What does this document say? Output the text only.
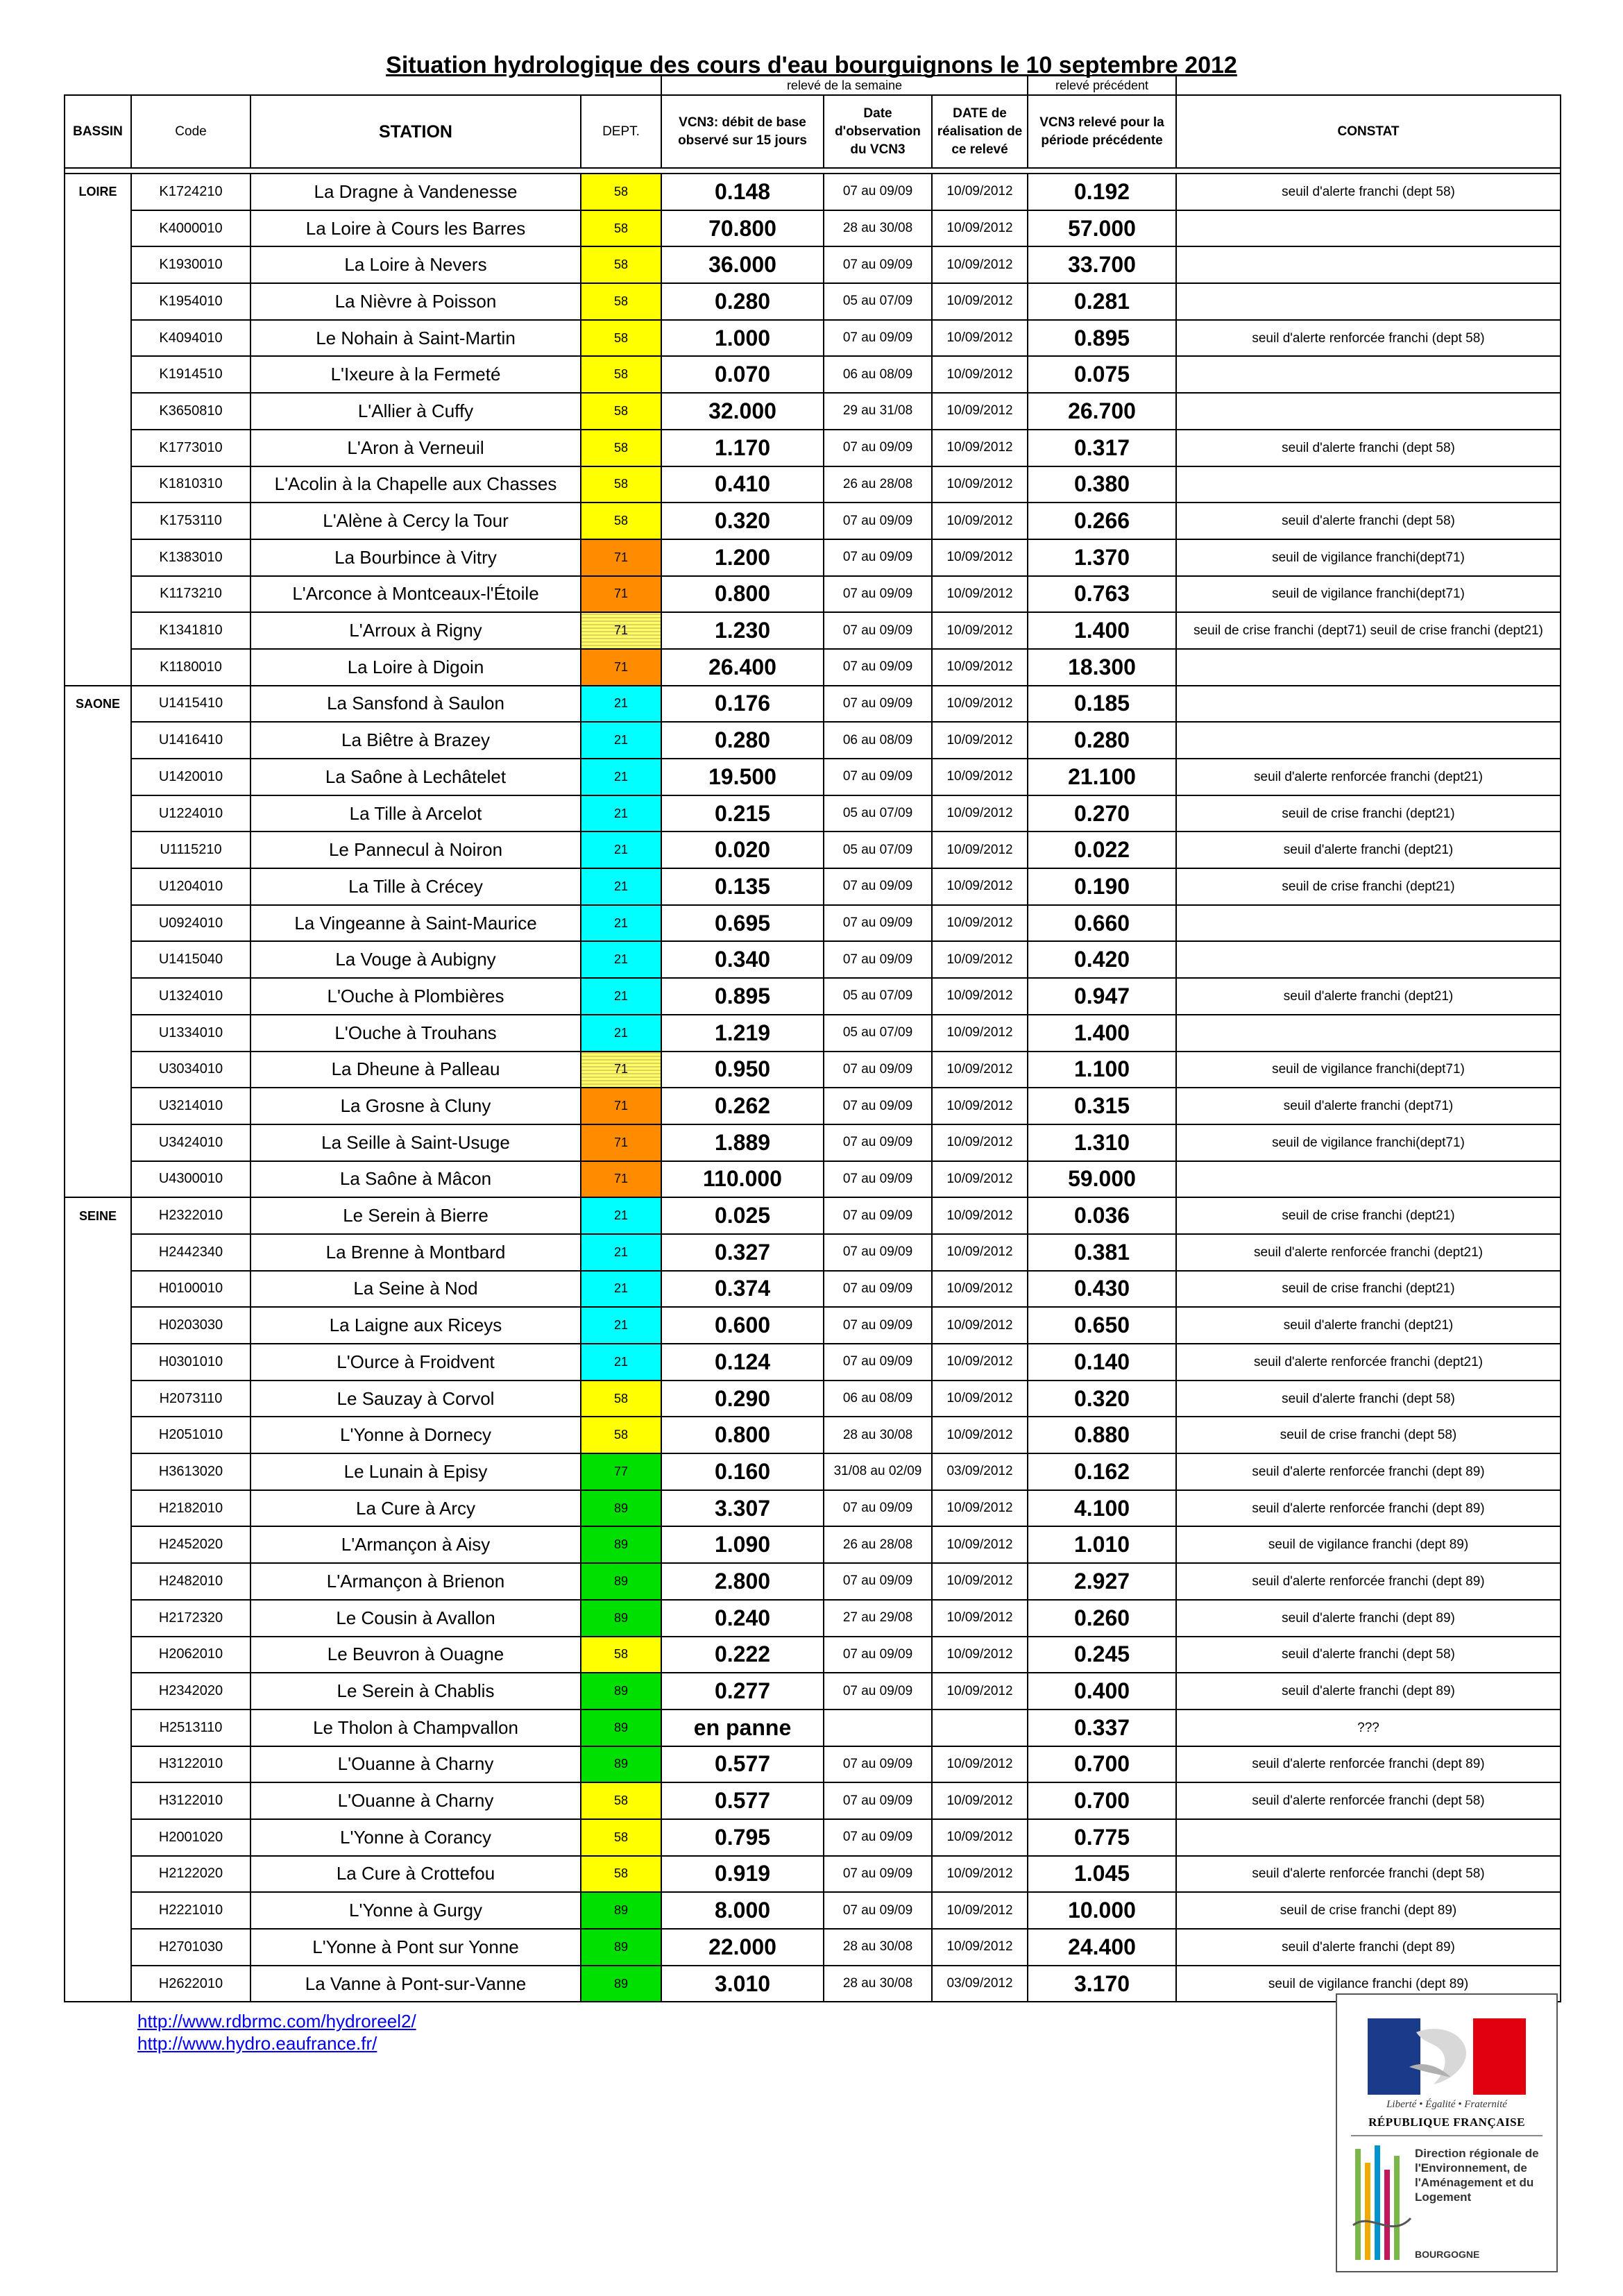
Situation hydrologique des cours d'eau bourguignons le 10 septembre 2012
				relevé de la semaine			relevé précédent	
BASSIN	Code	STATION	DEPT.	VCN3: débit de base observé sur 15 jours	Date d'observation du VCN3	DATE de réalisation de ce relevé	VCN3 relevé pour la période précédente	CONSTAT

LOIRE	K1724210	La Dragne à Vandenesse	58	0.148	07 au 09/09	10/09/2012	0.192	seuil d'alerte franchi (dept 58)
	K4000010	La Loire à Cours les Barres	58	70.800	28 au 30/08	10/09/2012	57.000	
	K1930010	La Loire à Nevers	58	36.000	07 au 09/09	10/09/2012	33.700	
	K1954010	La Nièvre à Poisson	58	0.280	05 au 07/09	10/09/2012	0.281	
	K4094010	Le Nohain à Saint-Martin	58	1.000	07 au 09/09	10/09/2012	0.895	seuil d'alerte renforcée franchi (dept 58)
	K1914510	L'Ixeure à la Fermeté	58	0.070	06 au 08/09	10/09/2012	0.075	
	K3650810	L'Allier à Cuffy	58	32.000	29 au 31/08	10/09/2012	26.700	
	K1773010	L'Aron à Verneuil	58	1.170	07 au 09/09	10/09/2012	0.317	seuil d'alerte franchi (dept 58)
	K1810310	L'Acolin à la Chapelle aux Chasses	58	0.410	26 au 28/08	10/09/2012	0.380	
	K1753110	L'Alène à Cercy la Tour	58	0.320	07 au 09/09	10/09/2012	0.266	seuil d'alerte franchi (dept 58)
	K1383010	La Bourbince à Vitry	71	1.200	07 au 09/09	10/09/2012	1.370	seuil de vigilance franchi(dept71)
	K1173210	L'Arconce à Montceaux-l'Étoile	71	0.800	07 au 09/09	10/09/2012	0.763	seuil de vigilance franchi(dept71)
	K1341810	L'Arroux à Rigny	71	1.230	07 au 09/09	10/09/2012	1.400	seuil de crise franchi (dept71) seuil de crise franchi (dept21)
	K1180010	La Loire à Digoin	71	26.400	07 au 09/09	10/09/2012	18.300	
SAONE	U1415410	La Sansfond à Saulon	21	0.176	07 au 09/09	10/09/2012	0.185	
	U1416410	La Biêtre à Brazey	21	0.280	06 au 08/09	10/09/2012	0.280	
	U1420010	La Saône à Lechâtelet	21	19.500	07 au 09/09	10/09/2012	21.100	seuil d'alerte renforcée franchi (dept21)
	U1224010	La Tille à Arcelot	21	0.215	05 au 07/09	10/09/2012	0.270	seuil de crise franchi (dept21)
	U1115210	Le Pannecul à Noiron	21	0.020	05 au 07/09	10/09/2012	0.022	seuil d'alerte franchi (dept21)
	U1204010	La Tille à Crécey	21	0.135	07 au 09/09	10/09/2012	0.190	seuil de crise franchi (dept21)
	U0924010	La Vingeanne à Saint-Maurice	21	0.695	07 au 09/09	10/09/2012	0.660	
	U1415040	La Vouge à Aubigny	21	0.340	07 au 09/09	10/09/2012	0.420	
	U1324010	L'Ouche à Plombières	21	0.895	05 au 07/09	10/09/2012	0.947	seuil d'alerte franchi (dept21)
	U1334010	L'Ouche à Trouhans	21	1.219	05 au 07/09	10/09/2012	1.400	
	U3034010	La Dheune à Palleau	71	0.950	07 au 09/09	10/09/2012	1.100	seuil de vigilance franchi(dept71)
	U3214010	La Grosne à Cluny	71	0.262	07 au 09/09	10/09/2012	0.315	seuil d'alerte franchi (dept71)
	U3424010	La Seille à Saint-Usuge	71	1.889	07 au 09/09	10/09/2012	1.310	seuil de vigilance franchi(dept71)
	U4300010	La Saône à Mâcon	71	110.000	07 au 09/09	10/09/2012	59.000	
SEINE	H2322010	Le Serein à Bierre	21	0.025	07 au 09/09	10/09/2012	0.036	seuil de crise franchi (dept21)
	H2442340	La Brenne à Montbard	21	0.327	07 au 09/09	10/09/2012	0.381	seuil d'alerte renforcée franchi (dept21)
	H0100010	La Seine à Nod	21	0.374	07 au 09/09	10/09/2012	0.430	seuil de crise franchi (dept21)
	H0203030	La Laigne aux Riceys	21	0.600	07 au 09/09	10/09/2012	0.650	seuil d'alerte franchi (dept21)
	H0301010	L'Ource à Froidvent	21	0.124	07 au 09/09	10/09/2012	0.140	seuil d'alerte renforcée franchi (dept21)
	H2073110	Le Sauzay à Corvol	58	0.290	06 au 08/09	10/09/2012	0.320	seuil d'alerte franchi (dept 58)
	H2051010	L'Yonne à Dornecy	58	0.800	28 au 30/08	10/09/2012	0.880	seuil de crise franchi (dept 58)
	H3613020	Le Lunain à Episy	77	0.160	31/08 au 02/09	03/09/2012	0.162	seuil d'alerte renforcée franchi (dept 89)
	H2182010	La Cure à Arcy	89	3.307	07 au 09/09	10/09/2012	4.100	seuil d'alerte renforcée franchi (dept 89)
	H2452020	L'Armançon à Aisy	89	1.090	26 au 28/08	10/09/2012	1.010	seuil de vigilance franchi (dept 89)
	H2482010	L'Armançon à Brienon	89	2.800	07 au 09/09	10/09/2012	2.927	seuil d'alerte renforcée franchi (dept 89)
	H2172320	Le Cousin à Avallon	89	0.240	27 au 29/08	10/09/2012	0.260	seuil d'alerte franchi (dept 89)
	H2062010	Le Beuvron à Ouagne	58	0.222	07 au 09/09	10/09/2012	0.245	seuil d'alerte franchi (dept 58)
	H2342020	Le Serein à Chablis	89	0.277	07 au 09/09	10/09/2012	0.400	seuil d'alerte franchi (dept 89)
	H2513110	Le Tholon à Champvallon	89	en panne			0.337	???
	H3122010	L'Ouanne à Charny	89	0.577	07 au 09/09	10/09/2012	0.700	seuil d'alerte renforcée franchi (dept 89)
	H3122010	L'Ouanne à Charny	58	0.577	07 au 09/09	10/09/2012	0.700	seuil d'alerte renforcée franchi (dept 58)
	H2001020	L'Yonne à Corancy	58	0.795	07 au 09/09	10/09/2012	0.775	
	H2122020	La Cure à Crottefou	58	0.919	07 au 09/09	10/09/2012	1.045	seuil d'alerte renforcée franchi (dept 58)
	H2221010	L'Yonne à Gurgy	89	8.000	07 au 09/09	10/09/2012	10.000	seuil de crise franchi (dept 89)
	H2701030	L'Yonne à Pont sur Yonne	89	22.000	28 au 30/08	10/09/2012	24.400	seuil d'alerte franchi (dept 89)
	H2622010	La Vanne à Pont-sur-Vanne	89	3.010	28 au 30/08	03/09/2012	3.170	seuil de vigilance franchi (dept 89)
http://www.rdbrmc.com/hydroreel2/
http://www.hydro.eaufrance.fr/
Liberté • Égalité • Fraternité
RÉPUBLIQUE FRANÇAISE
Direction régionale de l'Environnement, de l'Aménagement et du Logement
BOURGOGNE
